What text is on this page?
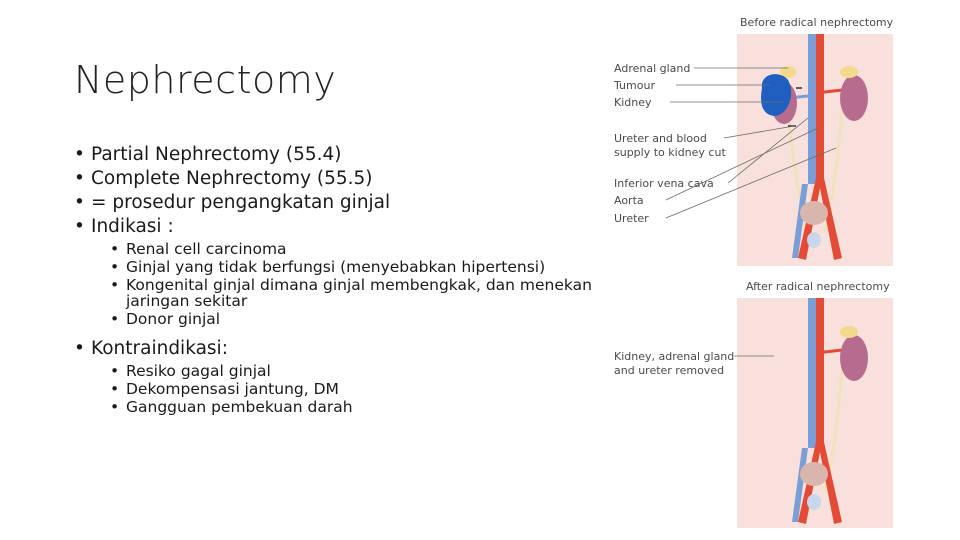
Nephrectomy
• Partial Nephrectomy (55.4)
• Complete Nephrectomy (55.5)
• = prosedur pengangkatan ginjal
• Indikasi :
• Renal cell carcinoma
• Ginjal yang tidak berfungsi (menyebabkan hipertensi)
• Kongenital ginjal dimana ginjal membengkak, dan menekan jaringan sekitar
• Donor ginjal
• Kontraindikasi:
• Resiko gagal ginjal
• Dekompensasi jantung, DM
• Gangguan pembekuan darah
Before radical nephrectomy
Adrenal gland
Tumour
Kidney
Ureter and blood
supply to kidney cut
Inferior vena cava
Aorta
Ureter
After radical nephrectomy
Kidney, adrenal gland
and ureter removed
